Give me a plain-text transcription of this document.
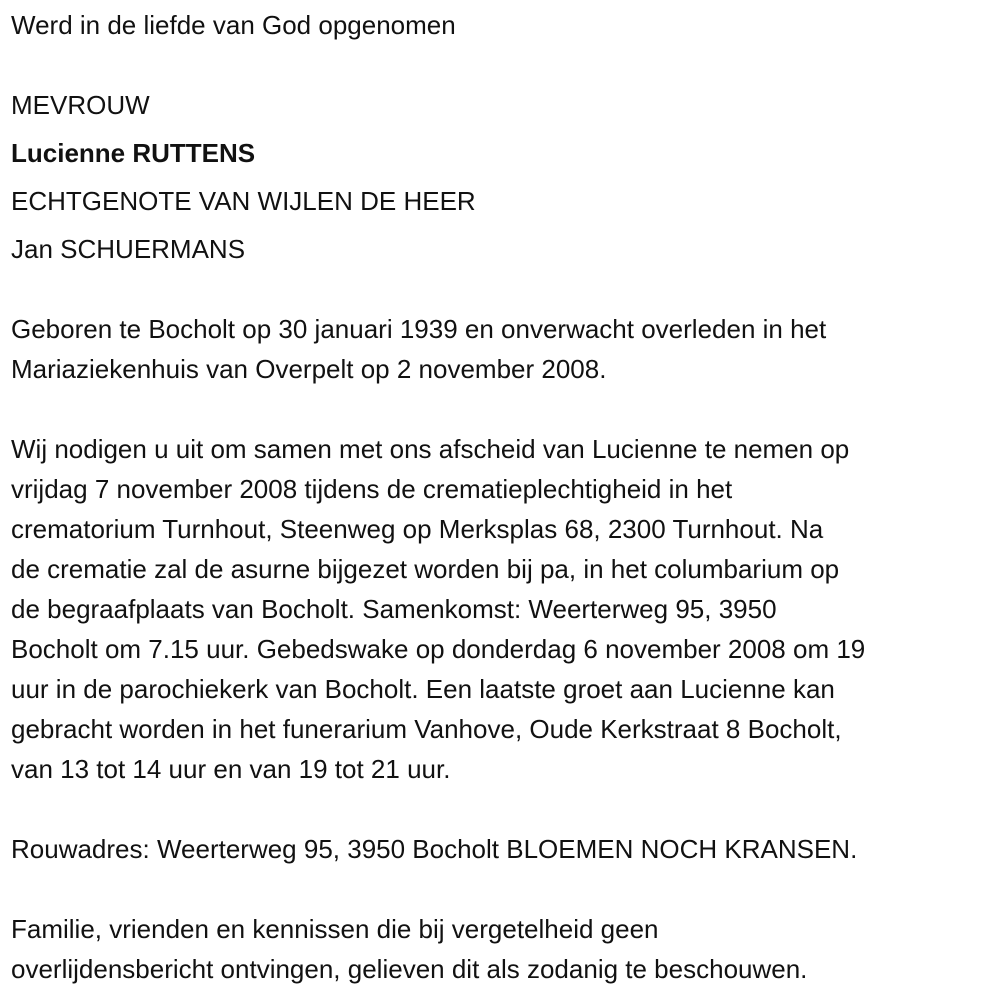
Werd in de liefde van God opgenomen
MEVROUW
Lucienne RUTTENS
ECHTGENOTE VAN WIJLEN DE HEER
Jan SCHUERMANS
Geboren te Bocholt op 30 januari 1939 en onverwacht overleden in het
Mariaziekenhuis van Overpelt op 2 november 2008.
Wij nodigen u uit om samen met ons afscheid van Lucienne te nemen op
vrijdag 7 november 2008 tijdens de crematieplechtigheid in het
crematorium Turnhout, Steenweg op Merksplas 68, 2300 Turnhout. Na
de crematie zal de asurne bijgezet worden bij pa, in het columbarium op
de begraafplaats van Bocholt. Samenkomst: Weerterweg 95, 3950
Bocholt om 7.15 uur. Gebedswake op donderdag 6 november 2008 om 19
uur in de parochiekerk van Bocholt. Een laatste groet aan Lucienne kan
gebracht worden in het funerarium Vanhove, Oude Kerkstraat 8 Bocholt,
van 13 tot 14 uur en van 19 tot 21 uur.
Rouwadres: Weerterweg 95, 3950 Bocholt BLOEMEN NOCH KRANSEN.
Familie, vrienden en kennissen die bij vergetelheid geen
overlijdensbericht ontvingen, gelieven dit als zodanig te beschouwen.
